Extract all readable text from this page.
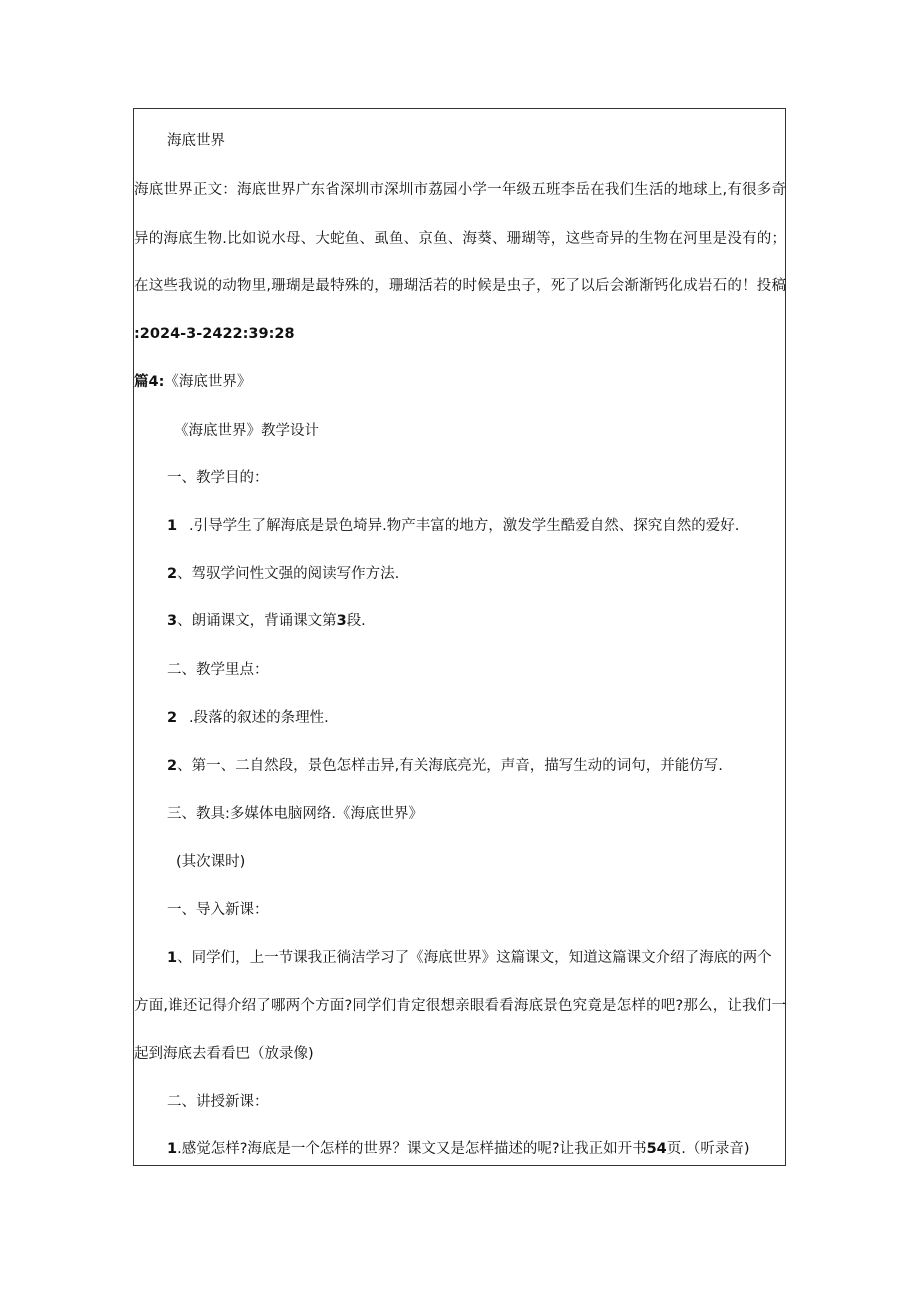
海底世界
海底世界正文：海底世界广东省深圳市深圳市荔园小学一年级五班李岳在我们生活的地球上,有很多奇
异的海底生物.比如说水母、大蛇鱼、虱鱼、京鱼、海葵、珊瑚等，这些奇异的生物在河里是没有的；
在这些我说的动物里,珊瑚是最特殊的，珊瑚活若的时候是虫子，死了以后会渐渐钙化成岩石的！投稿
:2024-3-2422:39:28
篇4:《海底世界》
《海底世界》教学设计
一、教学目的：
1 .引导学生了解海底是景色埼异.物产丰富的地方，激发学生酷爱自然、探究自然的爱好.
2、驾驭学问性文强的阅读写作方法.
3、朗诵课文，背诵课文第3段.
二、教学里点：
2 .段落的叙述的条理性.
2、第一、二自然段，景色怎样击异,有关海底亮光，声音，描写生动的词句，并能仿写.
三、教具:多媒体电脑网络.《海底世界》
(其次课时)
一、导入新课：
1、同学们，上一节课我正徜洁学习了《海底世界》这篇课文，知道这篇课文介绍了海底的两个
方面,谁还记得介绍了哪两个方面?同学们肯定很想亲眼看看海底景色究竟是怎样的吧?那么，让我们一
起到海底去看看巴（放录像)
二、讲授新课：
1.感觉怎样?海底是一个怎样的世界？课文又是怎样描述的呢?让我正如开书54页.（听录音)
